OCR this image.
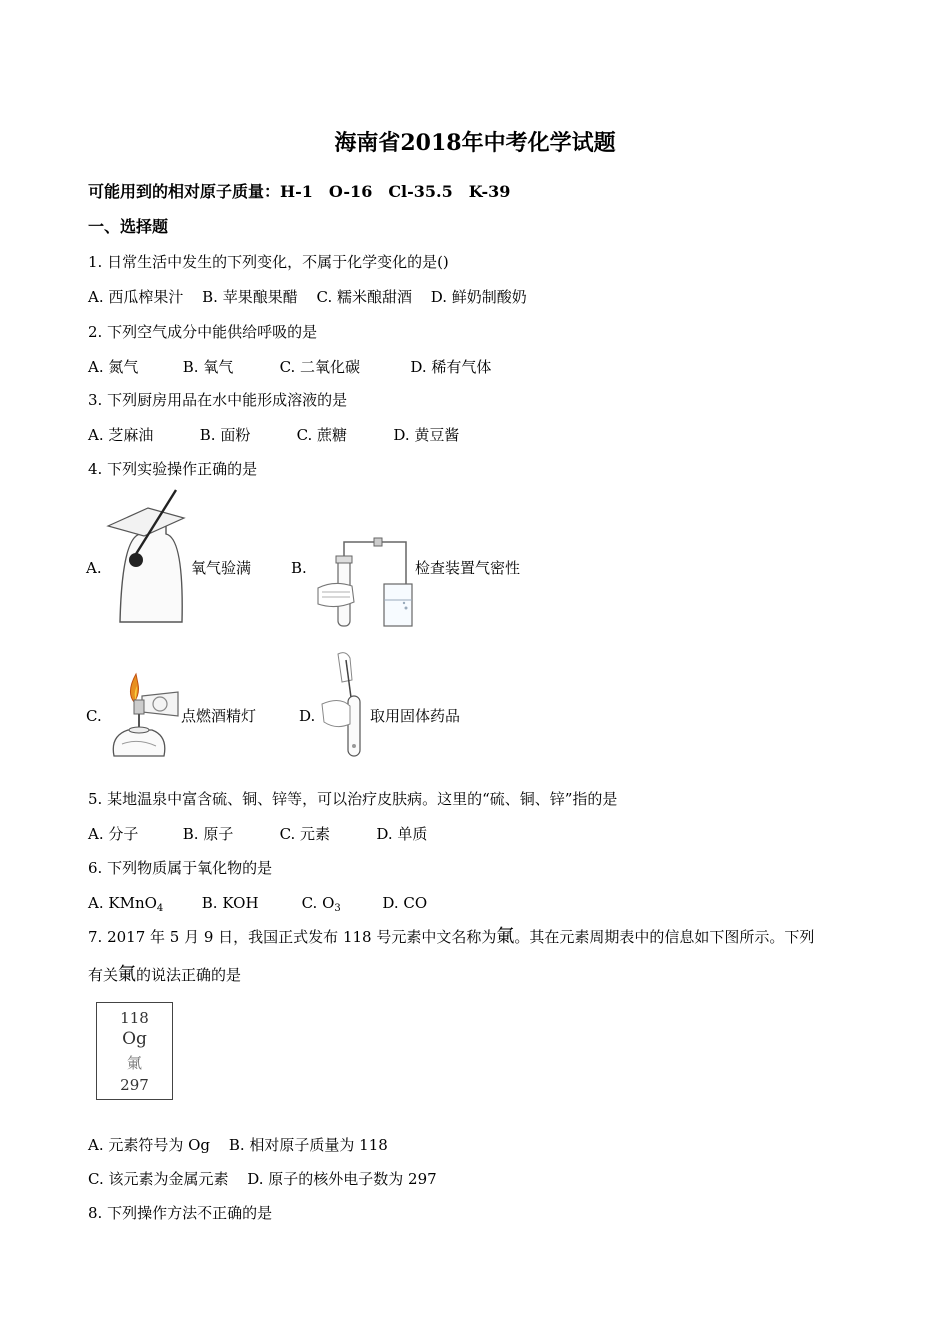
海南省2018年中考化学试题
可能用到的相对原子质量：H-1　O-16　Cl-35.5　K-39
一、选择题
1. 日常生活中发生的下列变化，不属于化学变化的是()
A. 西瓜榨果汁 B. 苹果酿果醋 C. 糯米酿甜酒 D. 鲜奶制酸奶
2. 下列空气成分中能供给呼吸的是
A. 氮气	B. 氧气	C. 二氧化碳	D. 稀有气体
3. 下列厨房用品在水中能形成溶液的是
A. 芝麻油	B. 面粉	C. 蔗糖	D. 黄豆酱
4. 下列实验操作正确的是
A.	氧气验满	B.	检查装置气密性
C.	点燃酒精灯	D.	取用固体药品
5. 某地温泉中富含硫、铜、锌等，可以治疗皮肤病。这里的“硫、铜、锌”指的是
A. 分子	B. 原子	C. 元素	D. 单质
6. 下列物质属于氧化物的是
A. KMnO$_4$	B. KOH	C. $O_3$	D. CO
7. 2017 年 5 月 9 日，我国正式发布 118 号元素中文名称为氭。其在元素周期表中的信息如下图所示。下列
有关氭的说法正确的是
118
Og
氭
297
A. 元素符号为 Og B. 相对原子质量为 118
C. 该元素为金属元素 D. 原子的核外电子数为 297
8. 下列操作方法不正确的是
